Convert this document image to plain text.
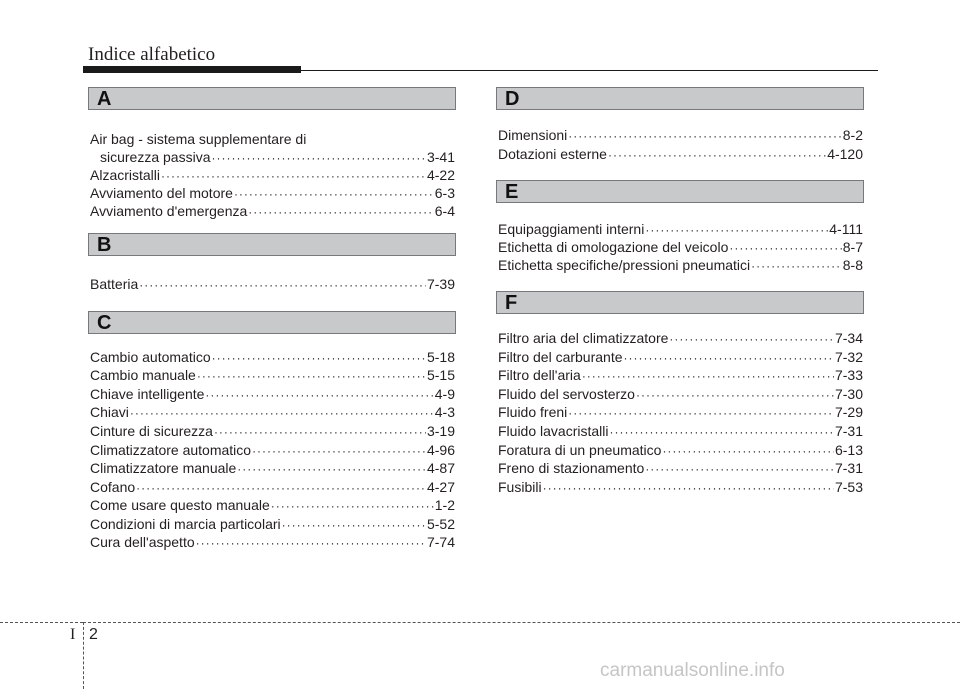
Indice alfabetico
A
Air bag - sistema supplementare di
sicurezza passiva ·····	3-41
Alzacristalli ·····	4-22
Avviamento del motore ·····	6-3
Avviamento d'emergenza ·····	6-4
B
Batteria ·····	7-39
C
Cambio automatico ·····	5-18
Cambio manuale ·····	5-15
Chiave intelligente ·····	4-9
Chiavi ·····	4-3
Cinture di sicurezza ·····	3-19
Climatizzatore automatico ·····	4-96
Climatizzatore manuale ·····	4-87
Cofano ·····	4-27
Come usare questo manuale ·····	1-2
Condizioni di marcia particolari ·····	5-52
Cura dell'aspetto ·····	7-74
D
Dimensioni ·····	8-2
Dotazioni esterne ·····	4-120
E
Equipaggiamenti interni ·····	4-111
Etichetta di omologazione del veicolo ·····	8-7
Etichetta specifiche/pressioni pneumatici ·····	8-8
F
Filtro aria del climatizzatore ·····	7-34
Filtro del carburante ·····	7-32
Filtro dell'aria ·····	7-33
Fluido del servosterzo ·····	7-30
Fluido freni ·····	7-29
Fluido lavacristalli ·····	7-31
Foratura di un pneumatico ·····	6-13
Freno di stazionamento ·····	7-31
Fusibili ·····	7-53
I 2
carmanualsonline.info
